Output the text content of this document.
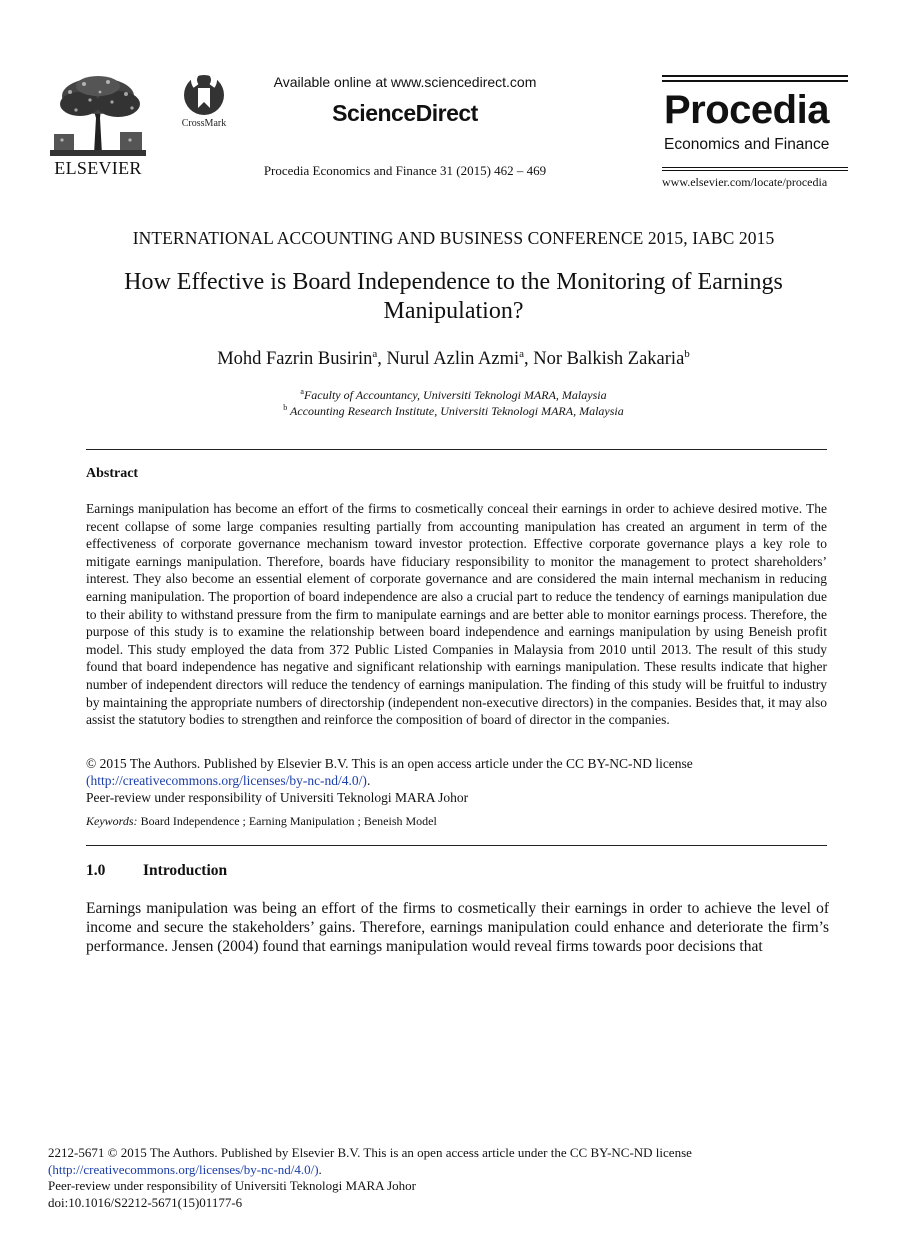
ELSEVIER
CrossMark
Available online at www.sciencedirect.com
ScienceDirect
Procedia Economics and Finance 31 (2015) 462 – 469
Procedia
Economics and Finance
www.elsevier.com/locate/procedia
INTERNATIONAL ACCOUNTING AND BUSINESS CONFERENCE 2015, IABC 2015
How Effective is Board Independence to the Monitoring of Earnings
Manipulation?
Mohd Fazrin Busirin$^a$, Nurul Azlin Azmi$^a$, Nor Balkish Zakaria$^b$
$^a$Faculty of Accountancy, Universiti Teknologi MARA, Malaysia
$^b$ Accounting Research Institute, Universiti Teknologi MARA, Malaysia
Abstract
Earnings manipulation has become an effort of the firms to cosmetically conceal their earnings in order to achieve desired motive. The recent collapse of some large companies resulting partially from accounting manipulation has created an argument in term of the effectiveness of corporate governance mechanism toward investor protection. Effective corporate governance plays a key role to mitigate earnings manipulation. Therefore, boards have fiduciary responsibility to monitor the management to protect shareholders’ interest. They also become an essential element of corporate governance and are considered the main internal mechanism in reducing earning manipulation. The proportion of board independence are also a crucial part to reduce the tendency of earnings manipulation due to their ability to withstand pressure from the firm to manipulate earnings and are better able to monitor earnings process. Therefore, the purpose of this study is to examine the relationship between board independence and earnings manipulation by using Beneish profit model. This study employed the data from 372 Public Listed Companies in Malaysia from 2010 until 2013. The result of this study found that board independence has negative and significant relationship with earnings manipulation. These results indicate that higher number of independent directors will reduce the tendency of earnings manipulation. The finding of this study will be fruitful to industry by maintaining the appropriate numbers of directorship (independent non-executive directors) in the companies. Besides that, it may also assist the statutory bodies to strengthen and reinforce the composition of board of director in the companies.
© 2015 The Authors. Published by Elsevier B.V. This is an open access article under the CC BY-NC-ND license
(http://creativecommons.org/licenses/by-nc-nd/4.0/).
Peer-review under responsibility of Universiti Teknologi MARA Johor
Keywords: Board Independence ; Earning Manipulation ; Beneish Model
1.0 Introduction
Earnings manipulation was being an effort of the firms to cosmetically their earnings in order to achieve the level of income and secure the stakeholders’ gains. Therefore, earnings manipulation could enhance and deteriorate the firm’s performance. Jensen (2004) found that earnings manipulation would reveal firms towards poor decisions that
2212-5671 © 2015 The Authors. Published by Elsevier B.V. This is an open access article under the CC BY-NC-ND license
(http://creativecommons.org/licenses/by-nc-nd/4.0/).
Peer-review under responsibility of Universiti Teknologi MARA Johor
doi:10.1016/S2212-5671(15)01177-6
